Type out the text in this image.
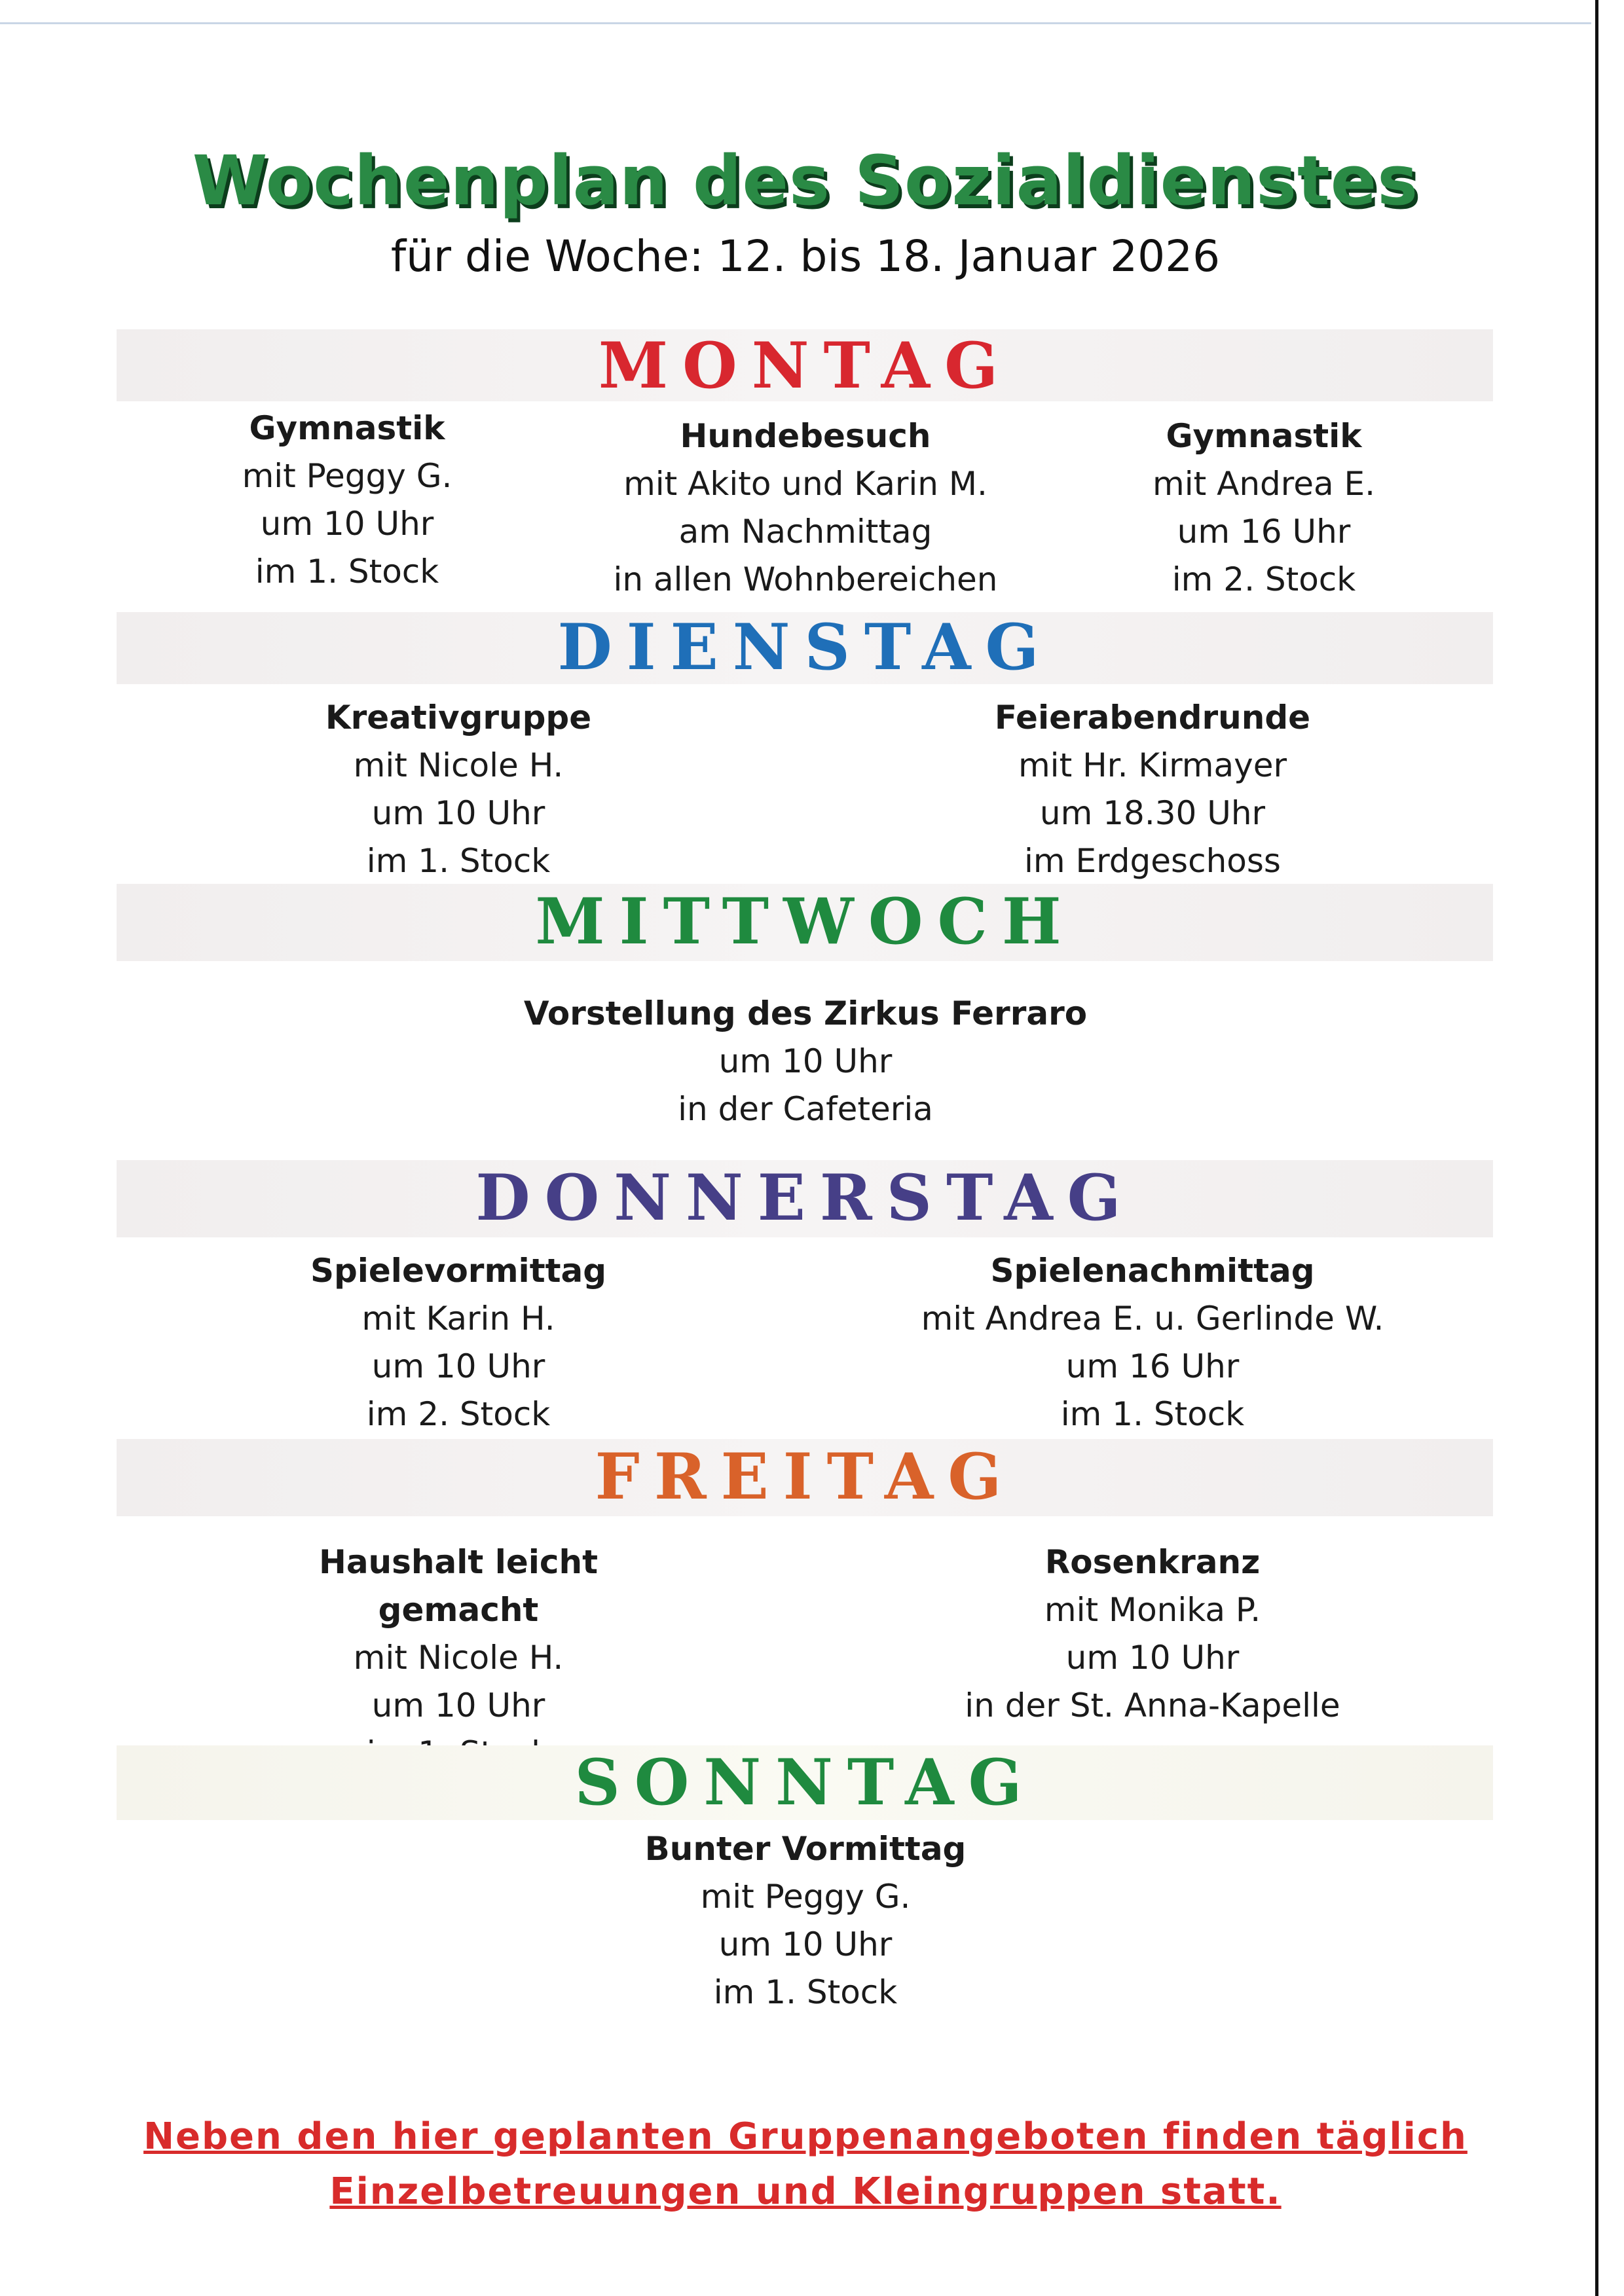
Wochenplan des Sozialdienstes
für die Woche: 12. bis 18. Januar 2026
MONTAG
Gymnastik
mit Peggy G.
um 10 Uhr
im 1. Stock
Hundebesuch
mit Akito und Karin M.
am Nachmittag
in allen Wohnbereichen
Gymnastik
mit Andrea E.
um 16 Uhr
im 2. Stock
DIENSTAG
Kreativgruppe
mit Nicole H.
um 10 Uhr
im 1. Stock
Feierabendrunde
mit Hr. Kirmayer
um 18.30 Uhr
im Erdgeschoss
MITTWOCH
Vorstellung des Zirkus Ferraro
um 10 Uhr
in der Cafeteria
DONNERSTAG
Spielevormittag
mit Karin H.
um 10 Uhr
im 2. Stock
Spielenachmittag
mit Andrea E. u. Gerlinde W.
um 16 Uhr
im 1. Stock
FREITAG
Haushalt leicht gemacht
mit Nicole H.
um 10 Uhr
Rosenkranz
mit Monika P.
um 10 Uhr
in der St. Anna-Kapelle
SONNTAG
Bunter Vormittag
mit Peggy G.
um 10 Uhr
im 1. Stock
Neben den hier geplanten Gruppenangeboten finden täglich
Einzelbetreuungen und Kleingruppen statt.
